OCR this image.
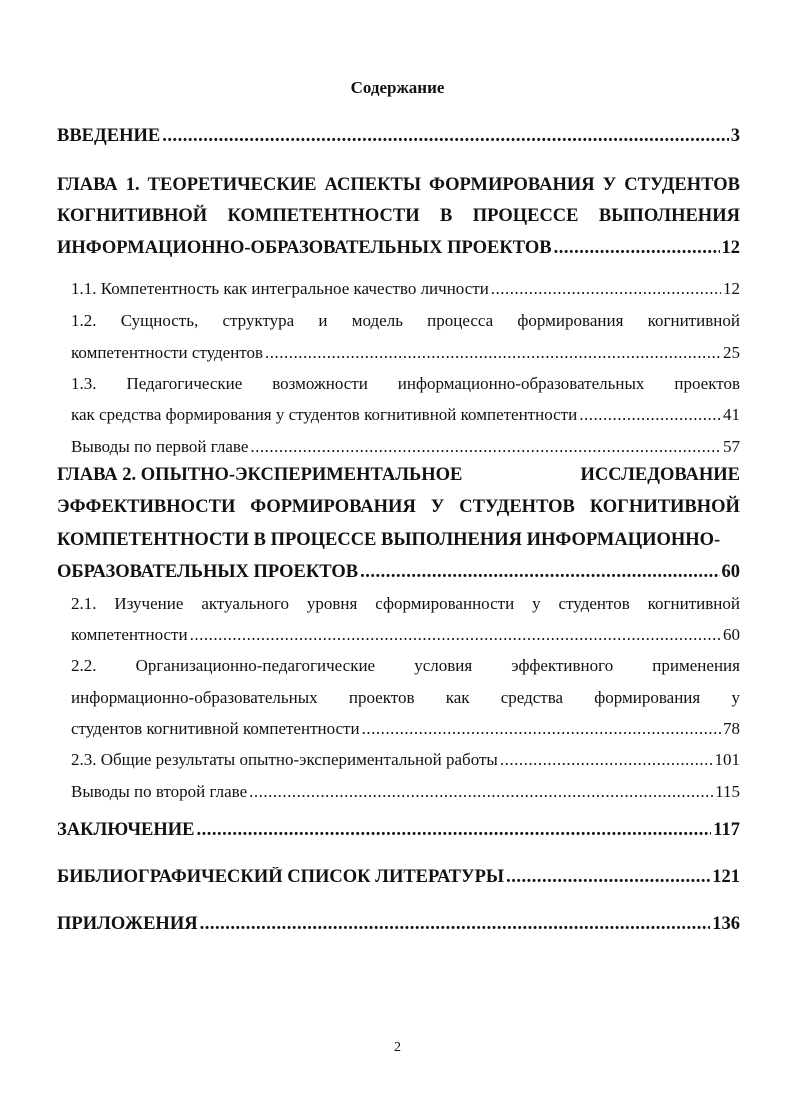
Содержание
ВВЕДЕНИЕ .....	3
ГЛАВА 1. ТЕОРЕТИЧЕСКИЕ АСПЕКТЫ ФОРМИРОВАНИЯ У СТУДЕНТОВ
КОГНИТИВНОЙ КОМПЕТЕНТНОСТИ В ПРОЦЕССЕ ВЫПОЛНЕНИЯ
ИНФОРМАЦИОННО-ОБРАЗОВАТЕЛЬНЫХ ПРОЕКТОВ .....	12
1.1. Компетентность как интегральное качество личности .....	12
1.2. Сущность, структура и модель процесса формирования когнитивной
компетентности студентов .....	25
1.3. Педагогические возможности информационно-образовательных проектов
как средства формирования у студентов когнитивной компетентности .....	41
Выводы по первой главе .....	57
ГЛАВА 2. ОПЫТНО-ЭКСПЕРИМЕНТАЛЬНОЕ	ИССЛЕДОВАНИЕ
ЭФФЕКТИВНОСТИ ФОРМИРОВАНИЯ У СТУДЕНТОВ КОГНИТИВНОЙ
КОМПЕТЕНТНОСТИ В ПРОЦЕССЕ ВЫПОЛНЕНИЯ ИНФОРМАЦИОННО-
ОБРАЗОВАТЕЛЬНЫХ ПРОЕКТОВ .....	60
2.1. Изучение актуального уровня сформированности у студентов когнитивной
компетентности .....	60
2.2. Организационно-педагогические условия эффективного применения
информационно-образовательных проектов как средства формирования у
студентов когнитивной компетентности .....	78
2.3. Общие результаты опытно-экспериментальной работы .....	101
Выводы по второй главе .....	115
ЗАКЛЮЧЕНИЕ .....	117
БИБЛИОГРАФИЧЕСКИЙ СПИСОК ЛИТЕРАТУРЫ .....	121
ПРИЛОЖЕНИЯ .....	136
2
